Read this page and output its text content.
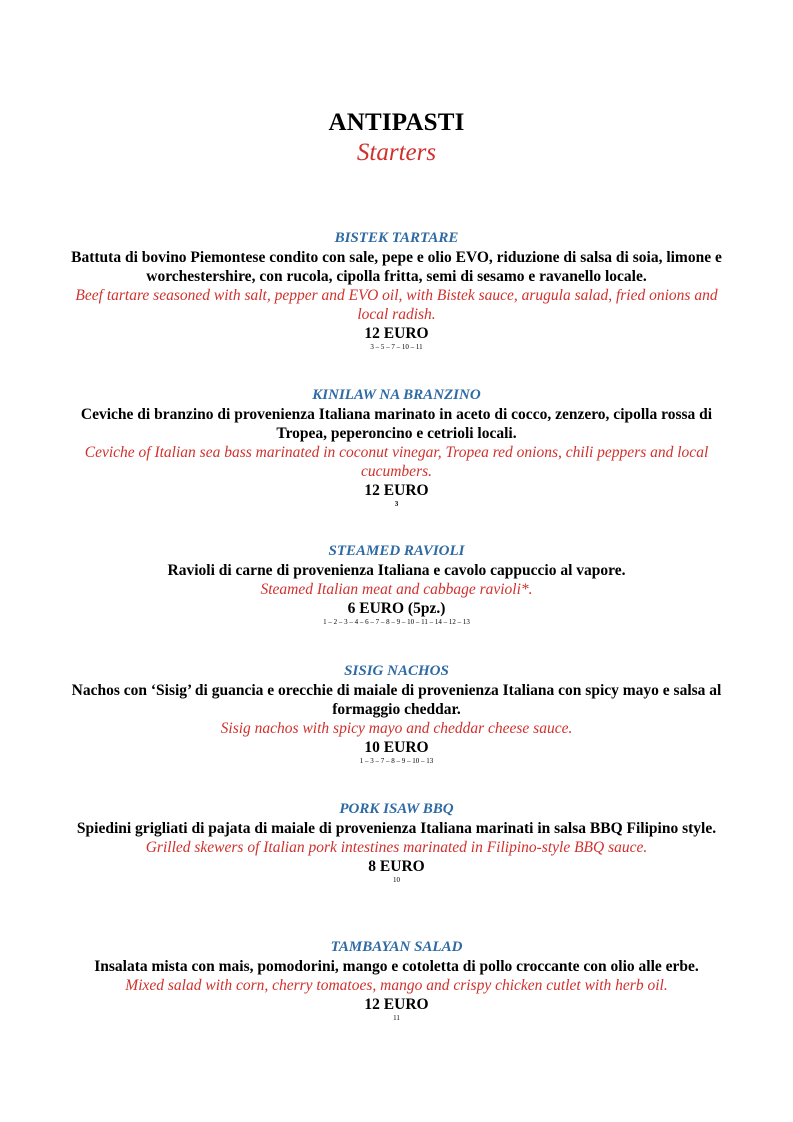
ANTIPASTI
Starters
BISTEK TARTARE
Battuta di bovino Piemontese condito con sale, pepe e olio EVO, riduzione di salsa di soia, limone e worchestershire, con rucola, cipolla fritta, semi di sesamo e ravanello locale.
Beef tartare seasoned with salt, pepper and EVO oil, with Bistek sauce, arugula salad, fried onions and local radish.
12 EURO
3 – 5 – 7 – 10 – 11
KINILAW NA BRANZINO
Ceviche di branzino di provenienza Italiana marinato in aceto di cocco, zenzero, cipolla rossa di Tropea, peperoncino e cetrioli locali.
Ceviche of Italian sea bass marinated in coconut vinegar, Tropea red onions, chili peppers and local cucumbers.
12 EURO
3
STEAMED RAVIOLI
Ravioli di carne di provenienza Italiana e cavolo cappuccio al vapore.
Steamed Italian meat and cabbage ravioli*.
6 EURO (5pz.)
1 – 2 – 3 – 4 – 6 – 7 – 8 – 9 – 10 – 11 – 14 – 12 – 13
SISIG NACHOS
Nachos con ‘Sisig’ di guancia e orecchie di maiale di provenienza Italiana con spicy mayo e salsa al formaggio cheddar.
Sisig nachos with spicy mayo and cheddar cheese sauce.
10 EURO
1 – 3 – 7 – 8 – 9 – 10 – 13
PORK ISAW BBQ
Spiedini grigliati di pajata di maiale di provenienza Italiana marinati in salsa BBQ Filipino style.
Grilled skewers of Italian pork intestines marinated in Filipino-style BBQ sauce.
8 EURO
10
TAMBAYAN SALAD
Insalata mista con mais, pomodorini, mango e cotoletta di pollo croccante con olio alle erbe.
Mixed salad with corn, cherry tomatoes, mango and crispy chicken cutlet with herb oil.
12 EURO
11
